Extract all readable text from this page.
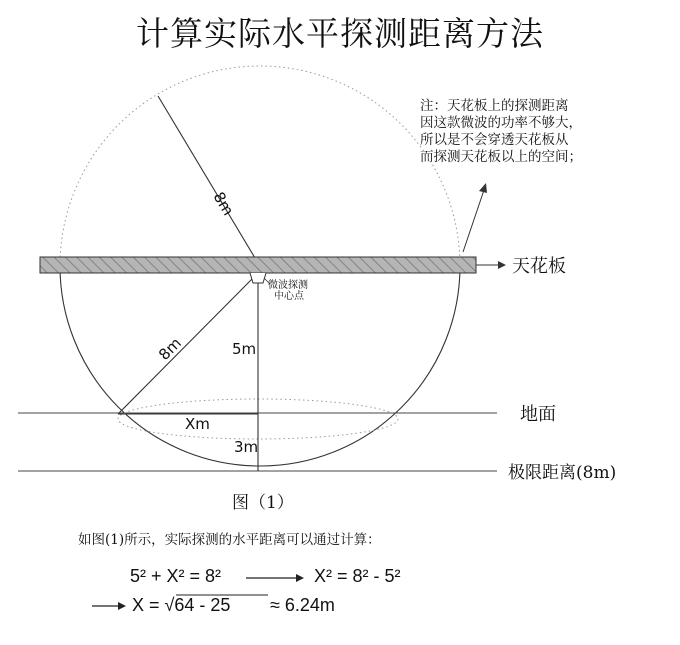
计算实际水平探测距离方法
注：天花板上的探测距离
因这款微波的功率不够大，
所以是不会穿透天花板从
而探测天花板以上的空间；
天花板
地面
极限距离(8m)
微波探测
中心点
8m
8m	5m
3m
Xm
图（1）
如图(1)所示，实际探测的水平距离可以通过计算：
5² + X² = 8²	X² = 8² - 5²
X = √64 - 25 ≈ 6.24m
